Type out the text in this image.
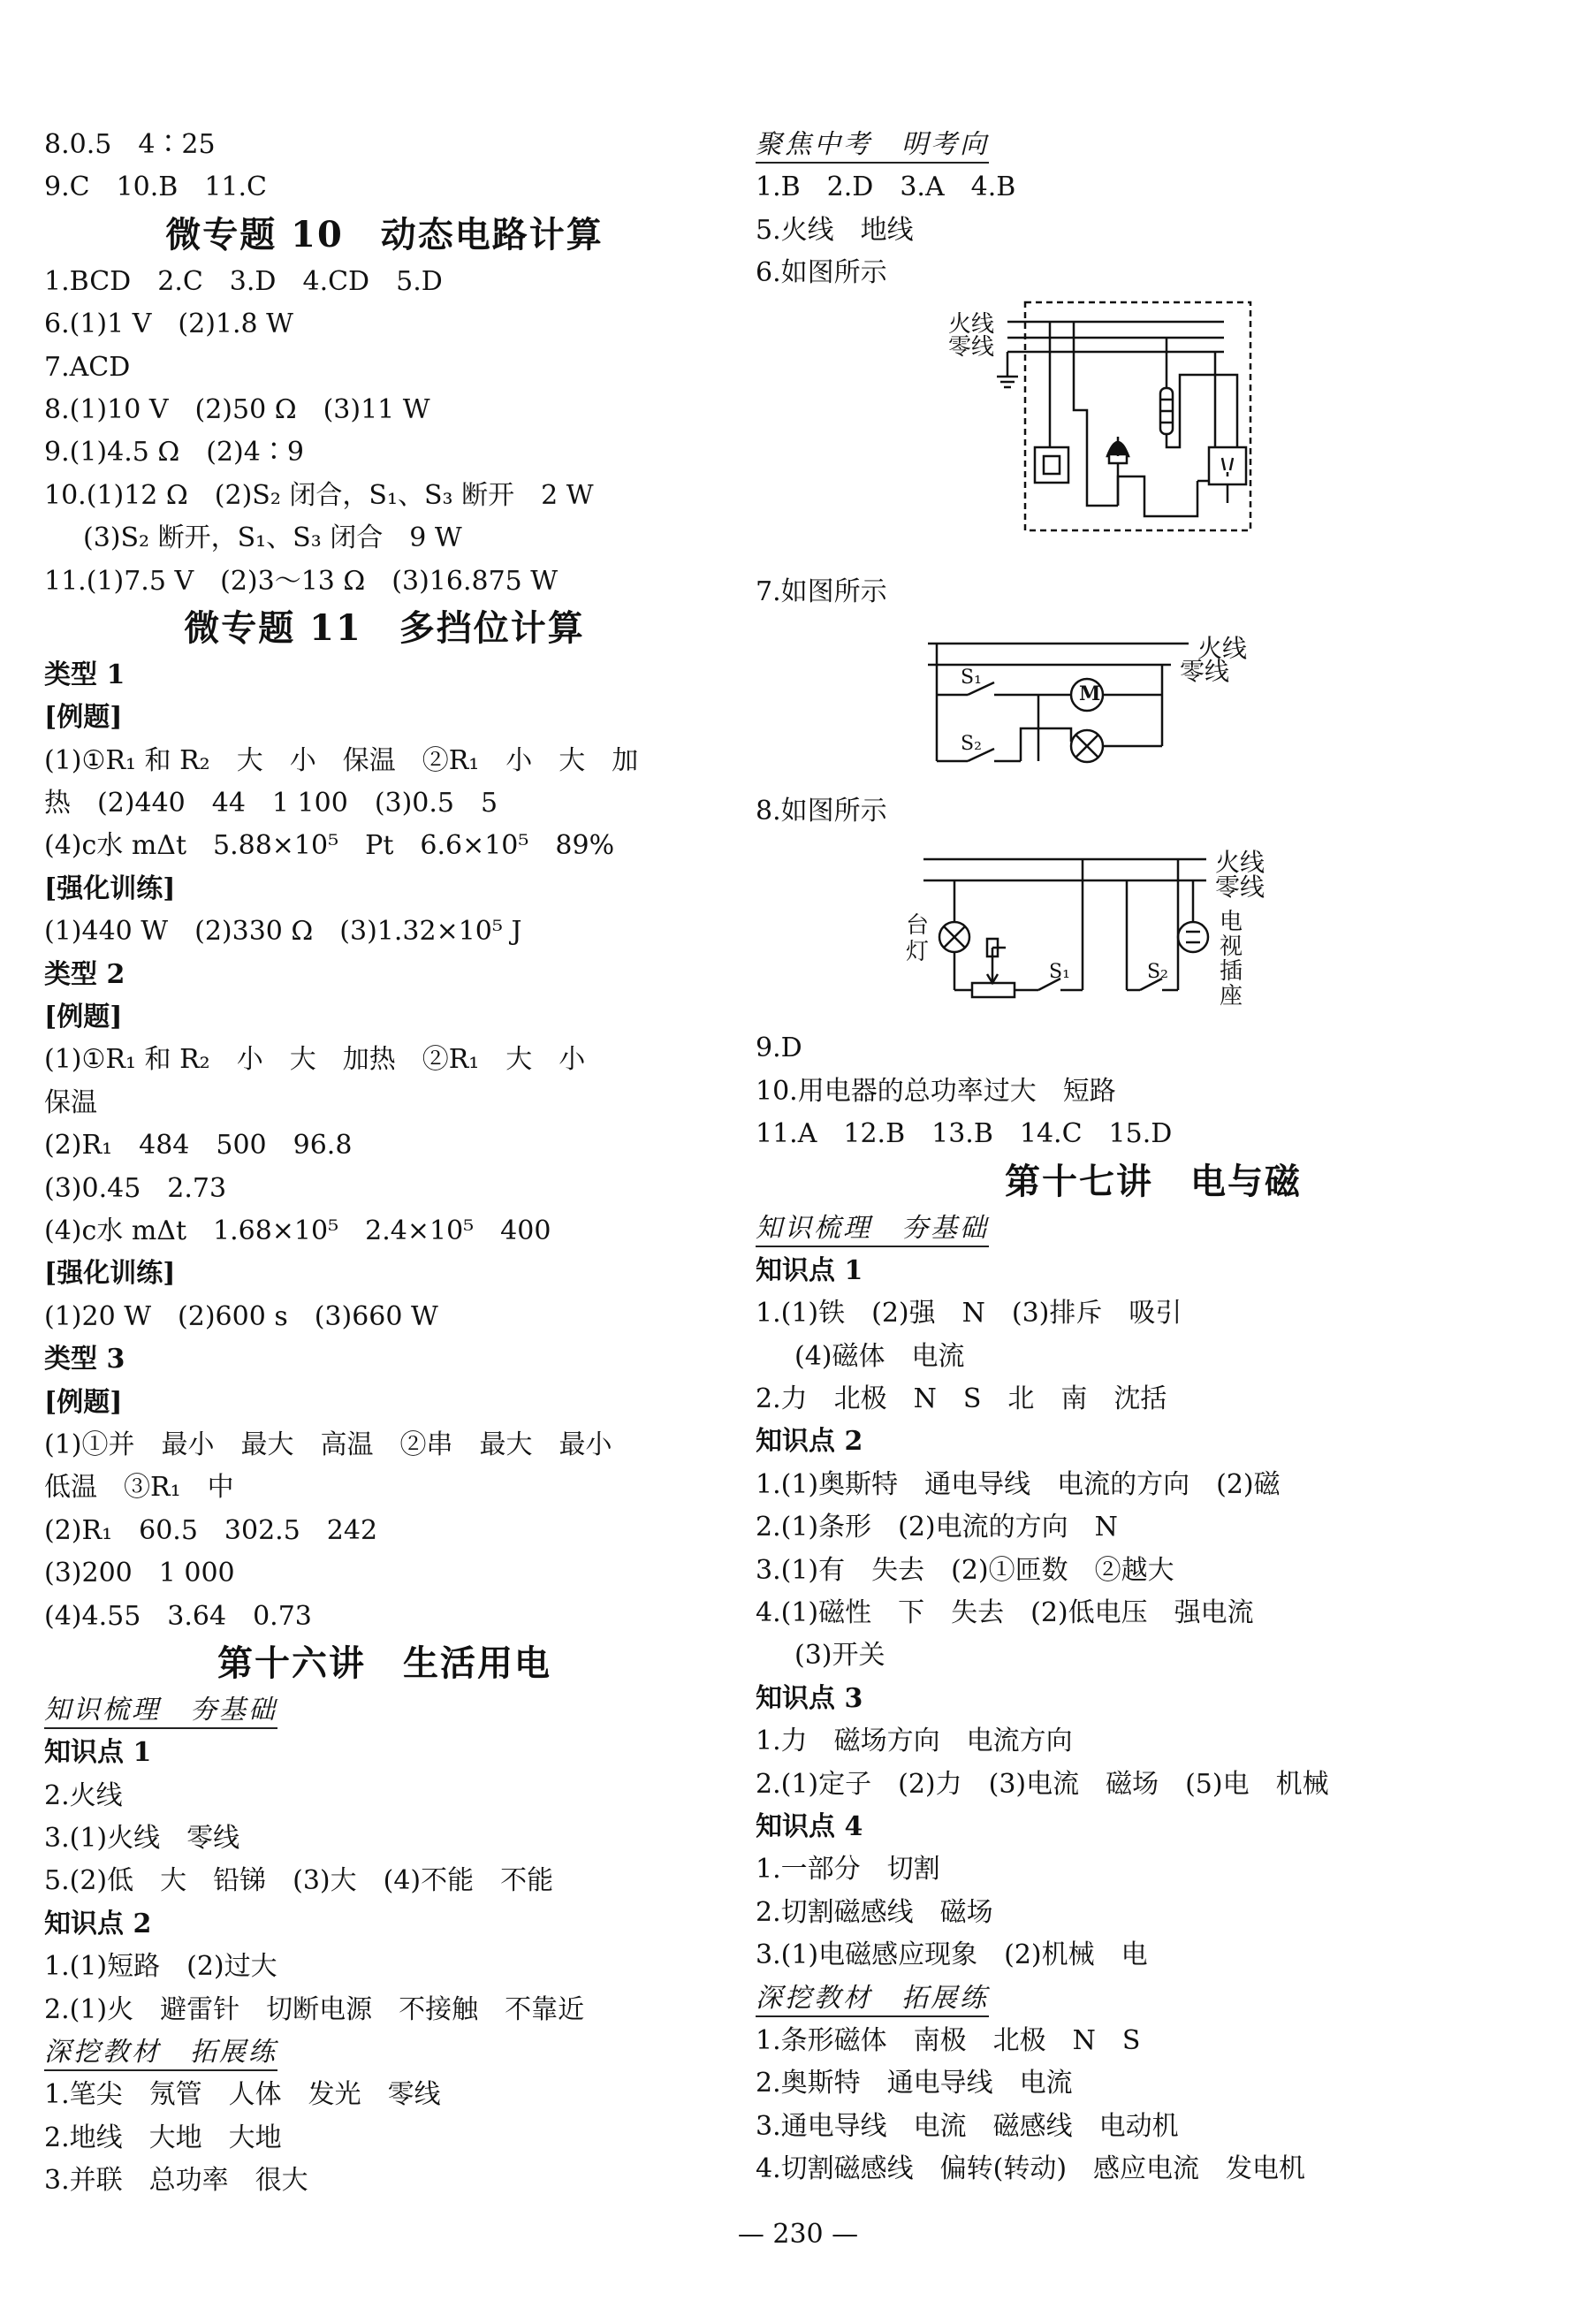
8.0.5　4∶25
9.C　10.B　11.C
微专题 10　动态电路计算
1.BCD　2.C　3.D　4.CD　5.D
6.(1)1 V　(2)1.8 W
7.ACD
8.(1)10 V　(2)50 Ω　(3)11 W
9.(1)4.5 Ω　(2)4∶9
10.(1)12 Ω　(2)S₂ 闭合，S₁、S₃ 断开　2 W
(3)S₂ 断开，S₁、S₃ 闭合　9 W
11.(1)7.5 V　(2)3～13 Ω　(3)16.875 W
微专题 11　多挡位计算
类型 1
[例题]
(1)①R₁ 和 R₂　大　小　保温　②R₁　小　大　加
热　(2)440　44　1 100　(3)0.5　5
(4)c水 mΔt　5.88×10⁵　Pt　6.6×10⁵　89%
[强化训练]
(1)440 W　(2)330 Ω　(3)1.32×10⁵ J
类型 2
[例题]
(1)①R₁ 和 R₂　小　大　加热　②R₁　大　小
保温
(2)R₁　484　500　96.8
(3)0.45　2.73
(4)c水 mΔt　1.68×10⁵　2.4×10⁵　400
[强化训练]
(1)20 W　(2)600 s　(3)660 W
类型 3
[例题]
(1)①并　最小　最大　高温　②串　最大　最小
低温　③R₁　中
(2)R₁　60.5　302.5　242
(3)200　1 000
(4)4.55　3.64　0.73
第十六讲　生活用电
知识梳理　夯基础
知识点 1
2.火线
3.(1)火线　零线
5.(2)低　大　铅锑　(3)大　(4)不能　不能
知识点 2
1.(1)短路　(2)过大
2.(1)火　避雷针　切断电源　不接触　不靠近
深挖教材　拓展练
1.笔尖　氖管　人体　发光　零线
2.地线　大地　大地
3.并联　总功率　很大
聚焦中考　明考向
1.B　2.D　3.A　4.B
5.火线　地线
6.如图所示
火线
零线
7.如图所示
火线
零线
S₁
S₂
M
8.如图所示
火线
零线
台
灯
电
视
插
座
S₁	S₂
9.D
10.用电器的总功率过大　短路
11.A　12.B　13.B　14.C　15.D
第十七讲　电与磁
知识梳理　夯基础
知识点 1
1.(1)铁　(2)强　N　(3)排斥　吸引
(4)磁体　电流
2.力　北极　N　S　北　南　沈括
知识点 2
1.(1)奥斯特　通电导线　电流的方向　(2)磁
2.(1)条形　(2)电流的方向　N
3.(1)有　失去　(2)①匝数　②越大
4.(1)磁性　下　失去　(2)低电压　强电流
(3)开关
知识点 3
1.力　磁场方向　电流方向
2.(1)定子　(2)力　(3)电流　磁场　(5)电　机械
知识点 4
1.一部分　切割
2.切割磁感线　磁场
3.(1)电磁感应现象　(2)机械　电
深挖教材　拓展练
1.条形磁体　南极　北极　N　S
2.奥斯特　通电导线　电流
3.通电导线　电流　磁感线　电动机
4.切割磁感线　偏转(转动)　感应电流　发电机
— 230 —
